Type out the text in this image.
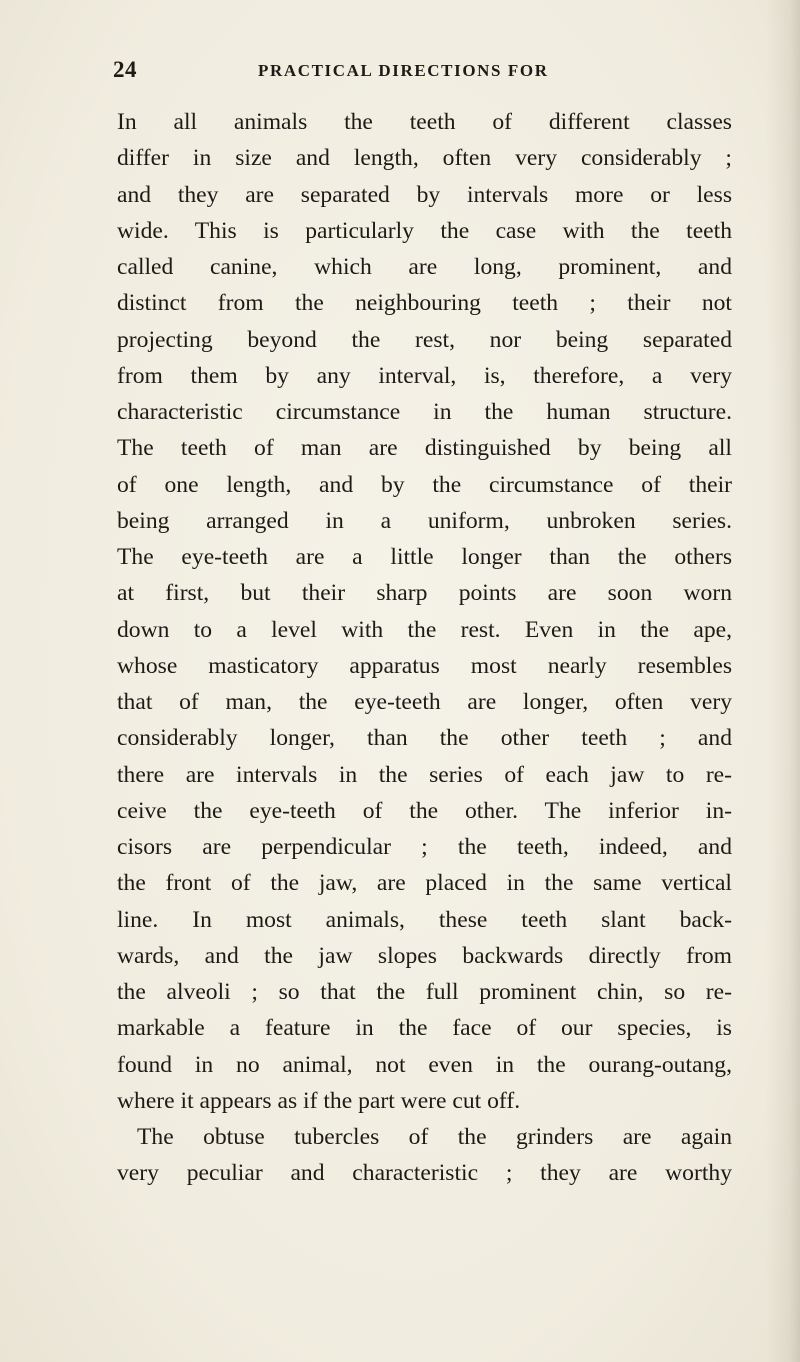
24	PRACTICAL DIRECTIONS FOR
In all animals the teeth of different classes
differ in size and length, often very considerably ;
and they are separated by intervals more or less
wide. This is particularly the case with the teeth
called canine, which are long, prominent, and
distinct from the neighbouring teeth ; their not
projecting beyond the rest, nor being separated
from them by any interval, is, therefore, a very
characteristic circumstance in the human structure.
The teeth of man are distinguished by being all
of one length, and by the circumstance of their
being arranged in a uniform, unbroken series.
The eye-teeth are a little longer than the others
at first, but their sharp points are soon worn
down to a level with the rest. Even in the ape,
whose masticatory apparatus most nearly resembles
that of man, the eye-teeth are longer, often very
considerably longer, than the other teeth ; and
there are intervals in the series of each jaw to re-
ceive the eye-teeth of the other. The inferior in-
cisors are perpendicular ; the teeth, indeed, and
the front of the jaw, are placed in the same vertical
line. In most animals, these teeth slant back-
wards, and the jaw slopes backwards directly from
the alveoli ; so that the full prominent chin, so re-
markable a feature in the face of our species, is
found in no animal, not even in the ourang-outang,
where it appears as if the part were cut off.
The obtuse tubercles of the grinders are again
very peculiar and characteristic ; they are worthy
